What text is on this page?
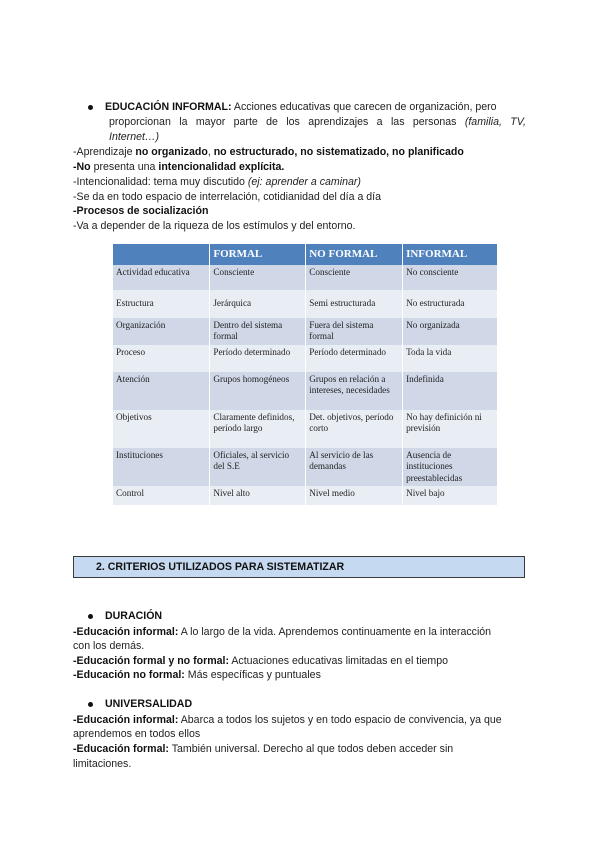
EDUCACIÓN INFORMAL: Acciones educativas que carecen de organización, pero
proporcionan la mayor parte de los aprendizajes a las personas (familia, TV,
Internet…)
-Aprendizaje no organizado, no estructurado, no sistematizado, no planificado
-No presenta una intencionalidad explícita.
-Intencionalidad: tema muy discutido (ej: aprender a caminar)
-Se da en todo espacio de interrelación, cotidianidad del día a día
-Procesos de socialización
-Va a depender de la riqueza de los estímulos y del entorno.
	FORMAL	NO FORMAL	INFORMAL
Actividad educativa	Consciente	Consciente	No consciente
Estructura	Jerárquica	Semi estructurada	No estructurada
Organización	Dentro del sistema formal	Fuera del sistema formal	No organizada
Proceso	Período determinado	Período determinado	Toda la vida
Atención	Grupos homogéneos	Grupos en relación a intereses, necesidades	Indefinida
Objetivos	Claramente definidos, período largo	Det. objetivos, período corto	No hay definición ni previsión
Instituciones	Oficiales, al servicio del S.E	Al servicio de las demandas	Ausencia de instituciones preestablecidas
Control	Nivel alto	Nivel medio	Nivel bajo
2. CRITERIOS UTILIZADOS PARA SISTEMATIZAR
DURACIÓN
-Educación informal: A lo largo de la vida. Aprendemos continuamente en la interacción
con los demás.
-Educación formal y no formal: Actuaciones educativas limitadas en el tiempo
-Educación no formal: Más específicas y puntuales
UNIVERSALIDAD
-Educación informal: Abarca a todos los sujetos y en todo espacio de convivencia, ya que
aprendemos en todos ellos
-Educación formal: También universal. Derecho al que todos deben acceder sin
limitaciones.
